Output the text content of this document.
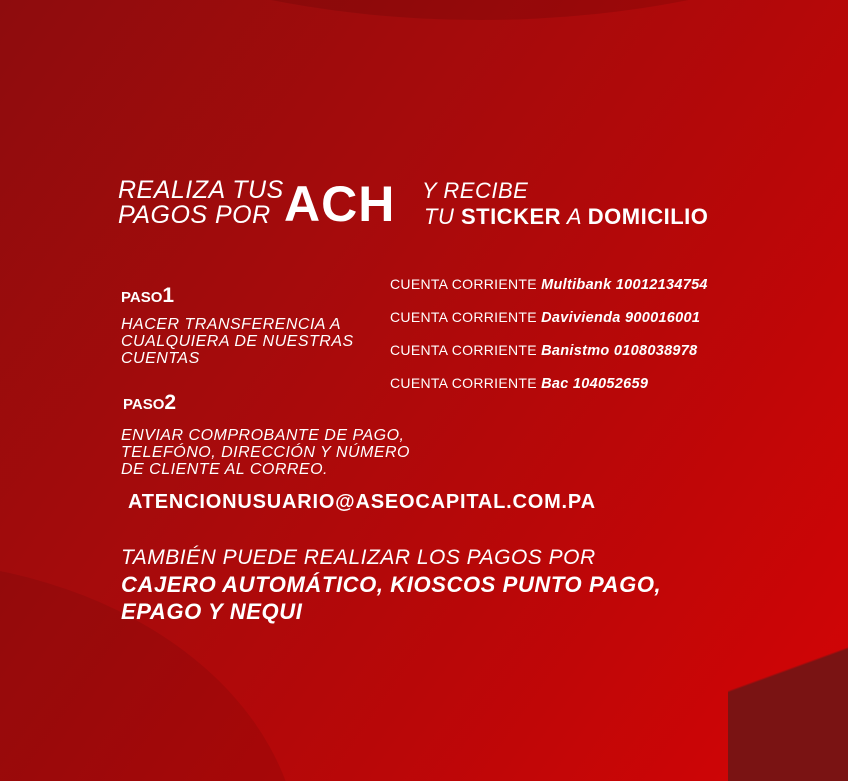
REALIZA TUS
PAGOS POR ACH Y RECIBE
TU STICKER A DOMICILIO
PASO1
HACER TRANSFERENCIA A
CUALQUIERA DE NUESTRAS
CUENTAS
PASO2
ENVIAR COMPROBANTE DE PAGO,
TELEFÓNO, DIRECCIÓN Y NÚMERO
DE CLIENTE AL CORREO.
CUENTA CORRIENTE Multibank 10012134754
CUENTA CORRIENTE Davivienda 900016001
CUENTA CORRIENTE Banistmo 0108038978
CUENTA CORRIENTE Bac 104052659
ATENCIONUSUARIO@ASEOCAPITAL.COM.PA
TAMBIÉN PUEDE REALIZAR LOS PAGOS POR
CAJERO AUTOMÁTICO, KIOSCOS PUNTO PAGO,
EPAGO Y NEQUI
